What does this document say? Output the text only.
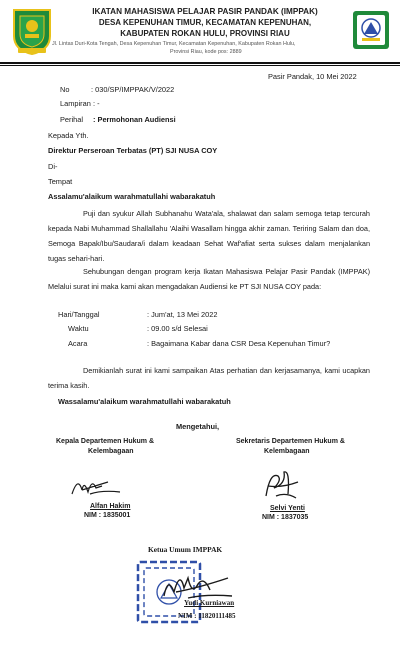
IKATAN MAHASISWA PELAJAR PASIR PANDAK (IMPPAK)
DESA KEPENUHAN TIMUR, KECAMATAN KEPENUHAN,
KABUPATEN ROKAN HULU, PROVINSI RIAU
Jl. Lintas Duri-Kota Tengah, Desa Kepenuhan Timur, Kecamatan Kepenuhan, Kabupaten Rokan Hulu,
Provinsi Riau, kode pos: 2889
Pasir Pandak, 10 Mei 2022
No	: 030/SP/IMPPAK/V/2022
Lampiran : -
Perihal : Permohonan Audiensi
Kepada Yth.
Direktur Perseroan Terbatas (PT) SJI NUSA COY
Di-
Tempat
Assalamu'alaikum warahmatullahi wabarakatuh
Puji dan syukur Allah Subhanahu Wata'ala, shalawat dan salam semoga tetap tercurah kepada Nabi Muhammad Shallallahu 'Alaihi Wasallam hingga akhir zaman. Teriring Salam dan doa, Semoga Bapak/Ibu/Saudara/i dalam keadaan Sehat Waf'afiat serta sukses dalam menjalankan tugas sehari-hari.
Sehubungan dengan program kerja Ikatan Mahasiswa Pelajar Pasir Pandak (IMPPAK) Melalui surat ini maka kami akan mengadakan Audiensi ke PT SJI NUSA COY pada:
Hari/Tanggal	: Jum'at, 13 Mei 2022
Waktu	: 09.00 s/d Selesai
Acara	: Bagaimana Kabar dana CSR Desa Kepenuhan Timur?
Demikianlah surat ini kami sampaikan Atas perhatian dan kerjasamanya, kami ucapkan terima kasih.
Wassalamu'alaikum warahmatullahi wabarakatuh
Mengetahui,
Kepala Departemen Hukum &
Kelembagaan
Alfan Hakim
NIM : 1835001
Sekretaris Departemen Hukum &
Kelembagaan
Selvi Yenti
NIM : 1837035
Ketua Umum IMPPAK
Yudi Kurniawan
NIM : 11820111485
